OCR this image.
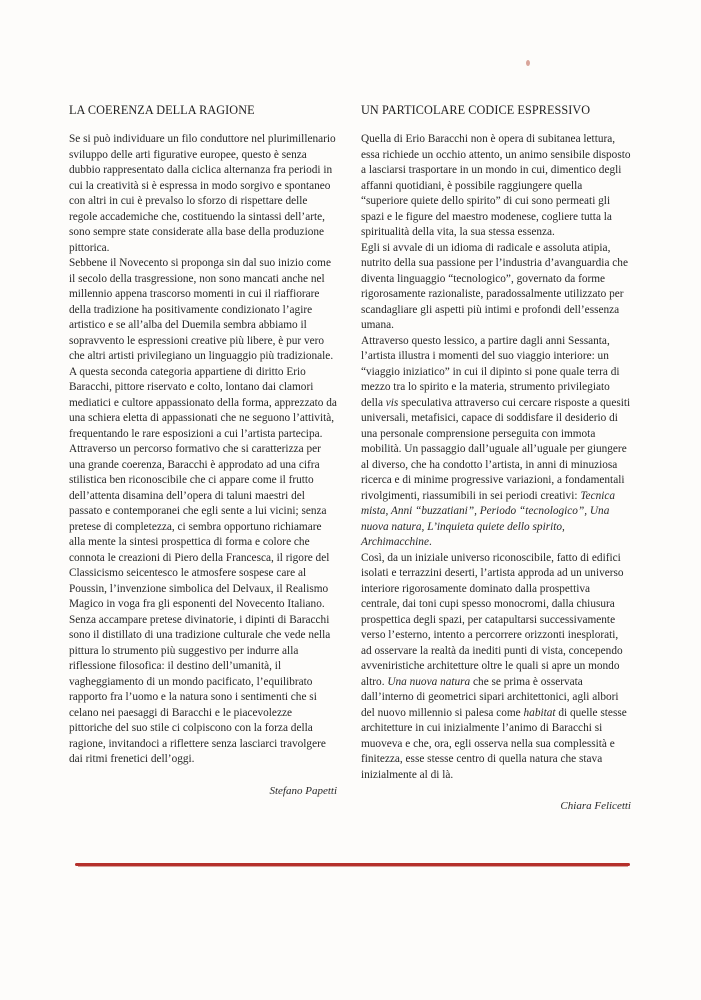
LA COERENZA DELLA RAGIONE

Se si può individuare un filo conduttore nel plurimillenario sviluppo delle arti figurative europee, questo è senza dubbio rappresentato dalla ciclica alternanza fra periodi in cui la creatività si è espressa in modo sorgivo e spontaneo con altri in cui è prevalso lo sforzo di rispettare delle regole accademiche che, costituendo la sintassi dell’arte, sono sempre state considerate alla base della produzione pittorica.

Sebbene il Novecento si proponga sin dal suo inizio come il secolo della trasgressione, non sono mancati anche nel millennio appena trascorso momenti in cui il riaffiorare della tradizione ha positivamente condizionato l’agire artistico e se all’alba del Duemila sembra abbiamo il sopravvento le espressioni creative più libere, è pur vero che altri artisti privilegiano un linguaggio più tradizionale. A questa seconda categoria appartiene di diritto Erio Baracchi, pittore riservato e colto, lontano dai clamori mediatici e cultore appassionato della forma, apprezzato da una schiera eletta di appassionati che ne seguono l’attività, frequentando le rare esposizioni a cui l’artista partecipa.

Attraverso un percorso formativo che si caratterizza per una grande coerenza, Baracchi è approdato ad una cifra stilistica ben riconoscibile che ci appare come il frutto dell’attenta disamina dell’opera di taluni maestri del passato e contemporanei che egli sente a lui vicini; senza pretese di completezza, ci sembra opportuno richiamare alla mente la sintesi prospettica di forma e colore che connota le creazioni di Piero della Francesca, il rigore del Classicismo seicentesco le atmosfere sospese care al Poussin, l’invenzione simbolica del Delvaux, il Realismo Magico in voga fra gli esponenti del Novecento Italiano.

Senza accampare pretese divinatorie, i dipinti di Baracchi sono il distillato di una tradizione culturale che vede nella pittura lo strumento più suggestivo per indurre alla riflessione filosofica: il destino dell’umanità, il vagheggiamento di un mondo pacificato, l’equilibrato rapporto fra l’uomo e la natura sono i sentimenti che si celano nei paesaggi di Baracchi e le piacevolezze pittoriche del suo stile ci colpiscono con la forza della ragione, invitandoci a riflettere senza lasciarci travolgere dai ritmi frenetici dell’oggi.

Stefano Papetti
UN PARTICOLARE CODICE ESPRESSIVO

Quella di Erio Baracchi non è opera di subitanea lettura, essa richiede un occhio attento, un animo sensibile disposto a lasciarsi trasportare in un mondo in cui, dimentico degli affanni quotidiani, è possibile raggiungere quella “superiore quiete dello spirito” di cui sono permeati gli spazi e le figure del maestro modenese, cogliere tutta la spiritualità della vita, la sua stessa essenza.

Egli si avvale di un idioma di radicale e assoluta atipia, nutrito della sua passione per l’industria d’avanguardia che diventa linguaggio “tecnologico”, governato da forme rigorosamente razionaliste, paradossalmente utilizzato per scandagliare gli aspetti più intimi e profondi dell’essenza umana.

Attraverso questo lessico, a partire dagli anni Sessanta, l’artista illustra i momenti del suo viaggio interiore: un “viaggio iniziatico” in cui il dipinto si pone quale terra di mezzo tra lo spirito e la materia, strumento privilegiato della vis speculativa attraverso cui cercare risposte a quesiti universali, metafisici, capace di soddisfare il desiderio di una personale comprensione perseguita con immota mobilità. Un passaggio dall’uguale all’uguale per giungere al diverso, che ha condotto l’artista, in anni di minuziosa ricerca e di minime progressive variazioni, a fondamentali rivolgimenti, riassumibili in sei periodi creativi: Tecnica mista, Anni “buzzatiani”, Periodo “tecnologico”, Una nuova natura, L’inquieta quiete dello spirito, Archimacchine.

Così, da un iniziale universo riconoscibile, fatto di edifici isolati e terrazzini deserti, l’artista approda ad un universo interiore rigorosamente dominato dalla prospettiva centrale, dai toni cupi spesso monocromi, dalla chiusura prospettica degli spazi, per catapultarsi successivamente verso l’esterno, intento a percorrere orizzonti inesplorati, ad osservare la realtà da inediti punti di vista, concependo avveniristiche architetture oltre le quali si apre un mondo altro. Una nuova natura che se prima è osservata dall’interno di geometrici sipari architettonici, agli albori del nuovo millennio si palesa come habitat di quelle stesse architetture in cui inizialmente l’animo di Baracchi si muoveva e che, ora, egli osserva nella sua complessità e finitezza, esse stesse centro di quella natura che stava inizialmente al di là.

Chiara Felicetti
